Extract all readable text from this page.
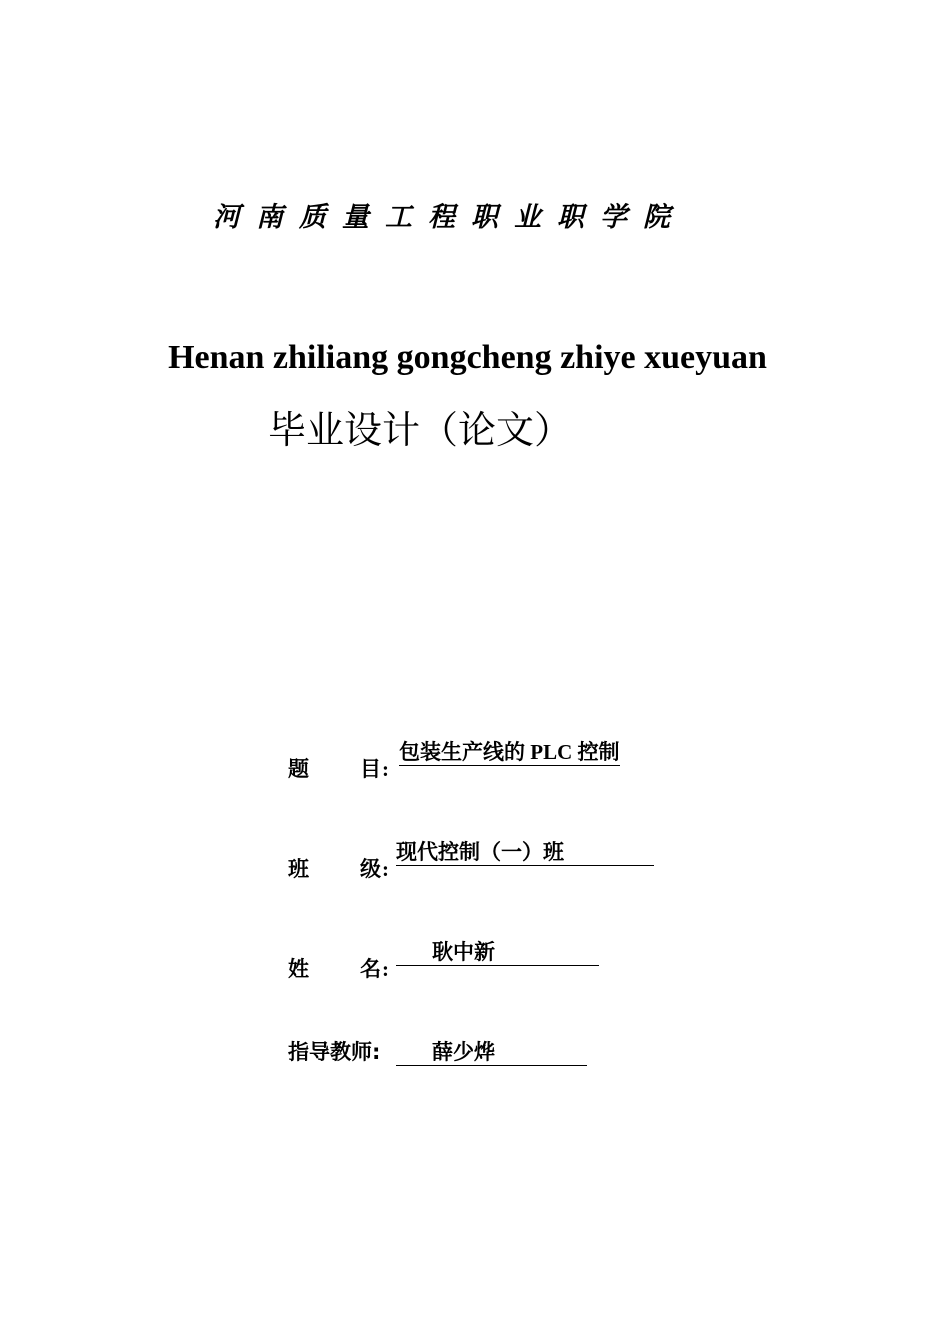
河南质量工程职业职学院
Henan zhiliang gongcheng zhiye xueyuan
毕业设计（论文）
题 目 :
包装生产线的 PLC 控制
班 级 :
现代控制（一）班
姓 名 :
耿中新
指导教师:	薛少烨
